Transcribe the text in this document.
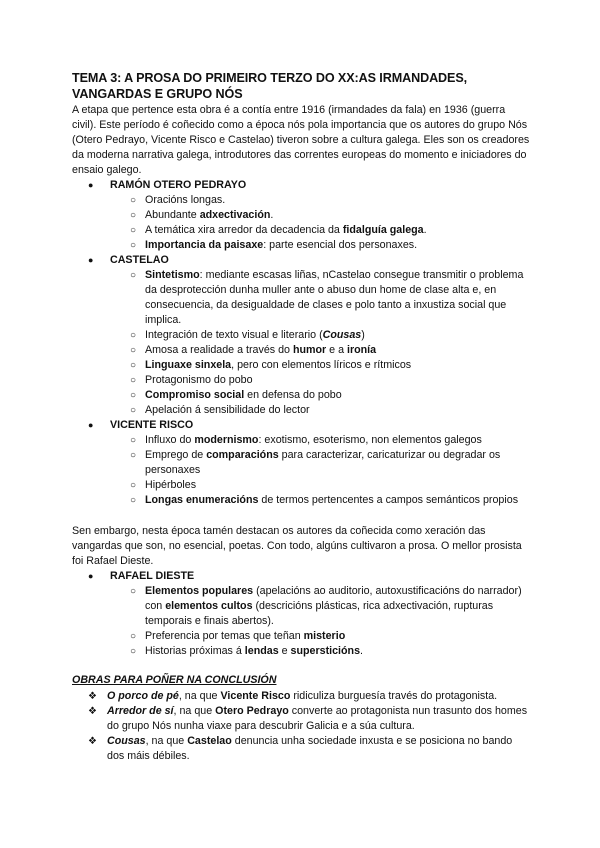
TEMA 3: A PROSA DO PRIMEIRO TERZO DO XX:AS IRMANDADES, VANGARDAS E GRUPO NÓS

A etapa que pertence esta obra é a contía entre 1916 (irmandades da fala) en 1936 (guerra civil). Este período é coñecido como a época nós pola importancia que os autores do grupo Nós (Otero Pedrayo, Vicente Risco e Castelao) tiveron sobre a cultura galega. Eles son os creadores da moderna narrativa galega, introdutores das correntes europeas do momento e iniciadores do ensaio galego.

● RAMÓN OTERO PEDRAYO
○ Oracións longas.
○ Abundante adxectivación.
○ A temática xira arredor da decadencia da fidalguía galega.
○ Importancia da paisaxe: parte esencial dos personaxes.
● CASTELAO
○ Sintetismo: mediante escasas liñas, nCastelao consegue transmitir o problema da desprotección dunha muller ante o abuso dun home de clase alta e, en consecuencia, da desigualdade de clases e polo tanto a inxustiza social que implica.
○ Integración de texto visual e literario (Cousas)
○ Amosa a realidade a través do humor e a ironía
○ Linguaxe sinxela, pero con elementos líricos e rítmicos
○ Protagonismo do pobo
○ Compromiso social en defensa do pobo
○ Apelación á sensibilidade do lector
● VICENTE RISCO
○ Influxo do modernismo: exotismo, esoterismo, non elementos galegos
○ Emprego de comparacións para caracterizar, caricaturizar ou degradar os personaxes
○ Hipérboles
○ Longas enumeracións de termos pertencentes a campos semánticos propios

Sen embargo, nesta época tamén destacan os autores da coñecida como xeración das vangardas que son, no esencial, poetas. Con todo, algúns cultivaron a prosa. O mellor prosista foi Rafael Dieste.

● RAFAEL DIESTE
○ Elementos populares (apelacións ao auditorio, autoxustificacións do narrador) con elementos cultos (descricións plásticas, rica adxectivación, rupturas temporais e finais abertos).
○ Preferencia por temas que teñan misterio
○ Historias próximas á lendas e supersticións.
OBRAS PARA POÑER NA CONCLUSIÓN
❖ O porco de pé, na que Vicente Risco ridiculiza burguesía través do protagonista.
❖ Arredor de sí, na que Otero Pedrayo converte ao protagonista nun trasunto dos homes do grupo Nós nunha viaxe para descubrir Galicia e a súa cultura.
❖ Cousas, na que Castelao denuncia unha sociedade inxusta e se posiciona no bando dos máis débiles.
